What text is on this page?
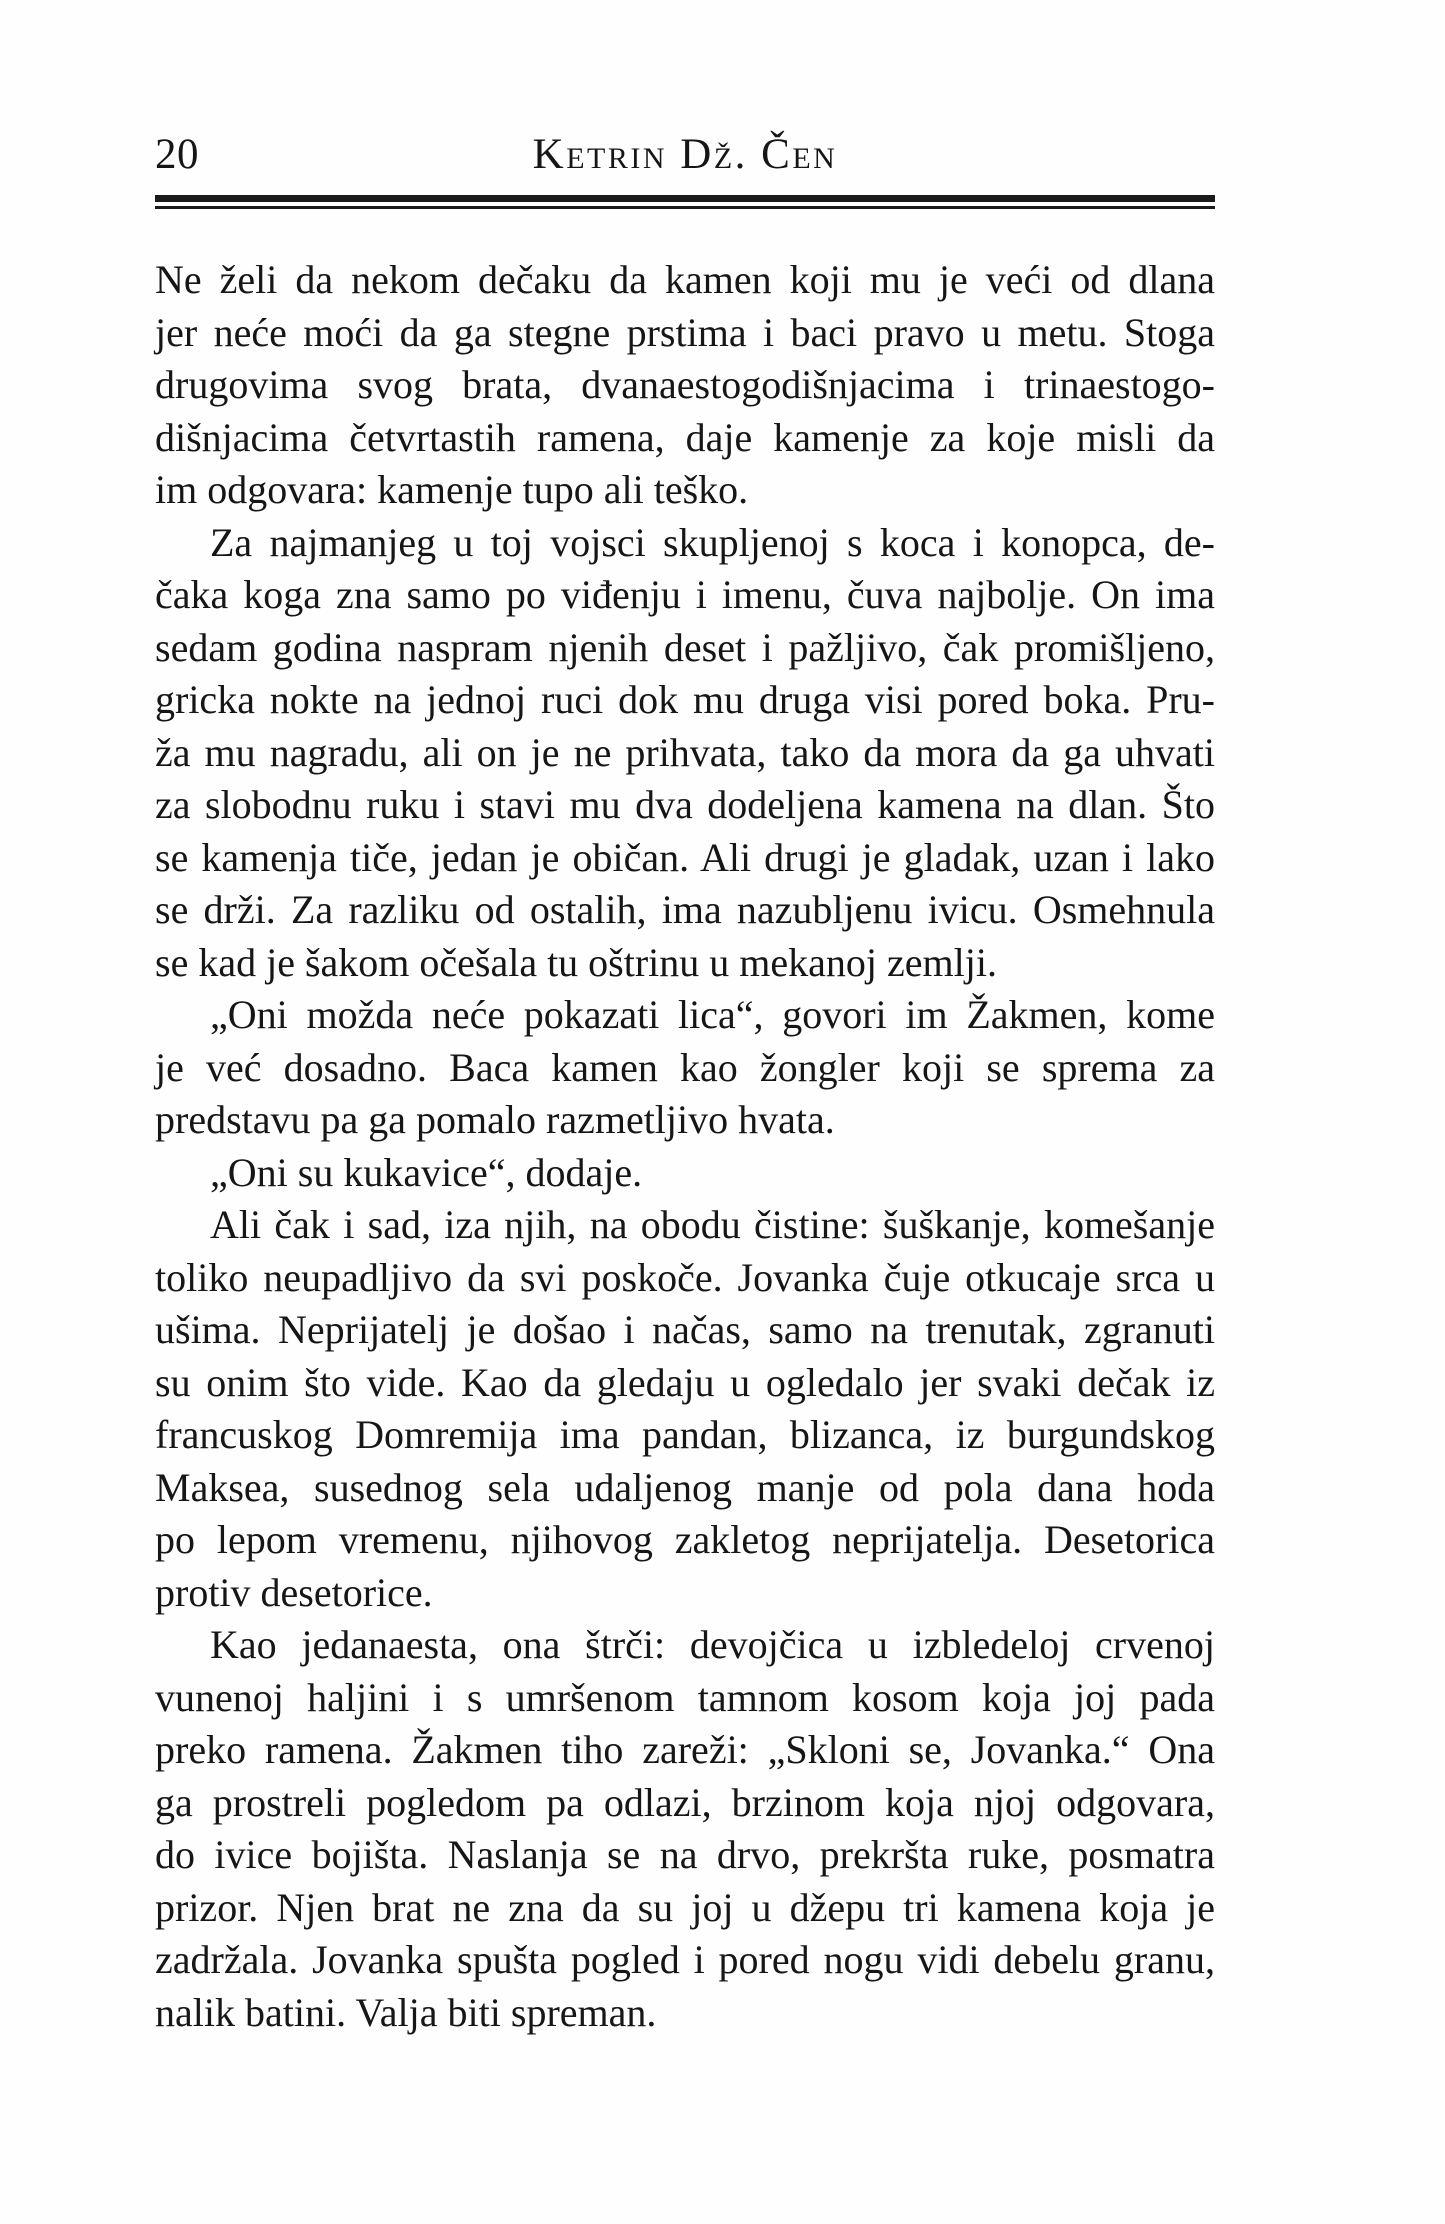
20	Ketrin Dž. Čen

Ne želi da nekom dečaku da kamen koji mu je veći od dlana
jer neće moći da ga stegne prstima i baci pravo u metu. Stoga
drugovima svog brata, dvanaestogodišnjacima i trinaestogo-
dišnjacima četvrtastih ramena, daje kamenje za koje misli da
im odgovara: kamenje tupo ali teško.

Za najmanjeg u toj vojsci skupljenoj s koca i konopca, de-
čaka koga zna samo po viđenju i imenu, čuva najbolje. On ima
sedam godina naspram njenih deset i pažljivo, čak promišljeno,
gricka nokte na jednoj ruci dok mu druga visi pored boka. Pru-
ža mu nagradu, ali on je ne prihvata, tako da mora da ga uhvati
za slobodnu ruku i stavi mu dva dodeljena kamena na dlan. Što
se kamenja tiče, jedan je običan. Ali drugi je gladak, uzan i lako
se drži. Za razliku od ostalih, ima nazubljenu ivicu. Osmehnula
se kad je šakom očešala tu oštrinu u mekanoj zemlji.

„Oni možda neće pokazati lica“, govori im Žakmen, kome
je već dosadno. Baca kamen kao žongler koji se sprema za
predstavu pa ga pomalo razmetljivo hvata.

„Oni su kukavice“, dodaje.

Ali čak i sad, iza njih, na obodu čistine: šuškanje, komešanje
toliko neupadljivo da svi poskoče. Jovanka čuje otkucaje srca u
ušima. Neprijatelj je došao i načas, samo na trenutak, zgranuti
su onim što vide. Kao da gledaju u ogledalo jer svaki dečak iz
francuskog Domremija ima pandan, blizanca, iz burgundskog
Maksea, susednog sela udaljenog manje od pola dana hoda
po lepom vremenu, njihovog zakletog neprijatelja. Desetorica
protiv desetorice.

Kao jedanaesta, ona štrči: devojčica u izbledeloj crvenoj
vunenoj haljini i s umršenom tamnom kosom koja joj pada
preko ramena. Žakmen tiho zareži: „Skloni se, Jovanka.“ Ona
ga prostreli pogledom pa odlazi, brzinom koja njoj odgovara,
do ivice bojišta. Naslanja se na drvo, prekršta ruke, posmatra
prizor. Njen brat ne zna da su joj u džepu tri kamena koja je
zadržala. Jovanka spušta pogled i pored nogu vidi debelu granu,
nalik batini. Valja biti spreman.
